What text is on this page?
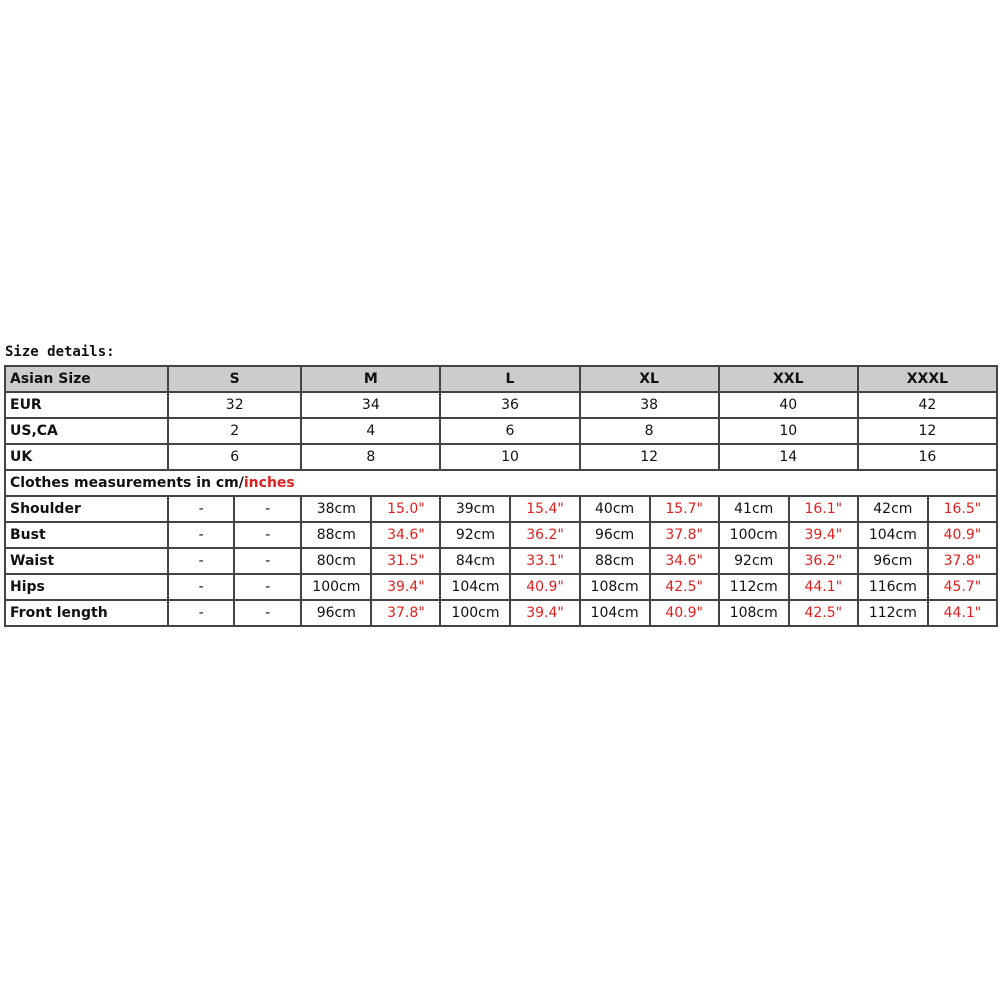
Size details:
Asian Size	S		M		L		XL		XXL		XXXL	
EUR	32		34		36		38		40		42	
US,CA	2		4		6		8		10		12	
UK	6		8		10		12		14		16	
Clothes measurements in cm/inches												
Shoulder	-	-	38cm	15.0"	39cm	15.4"	40cm	15.7"	41cm	16.1"	42cm	16.5"
Bust	-	-	88cm	34.6"	92cm	36.2"	96cm	37.8"	100cm	39.4"	104cm	40.9"
Waist	-	-	80cm	31.5"	84cm	33.1"	88cm	34.6"	92cm	36.2"	96cm	37.8"
Hips	-	-	100cm	39.4"	104cm	40.9"	108cm	42.5"	112cm	44.1"	116cm	45.7"
Front length	-	-	96cm	37.8"	100cm	39.4"	104cm	40.9"	108cm	42.5"	112cm	44.1"
